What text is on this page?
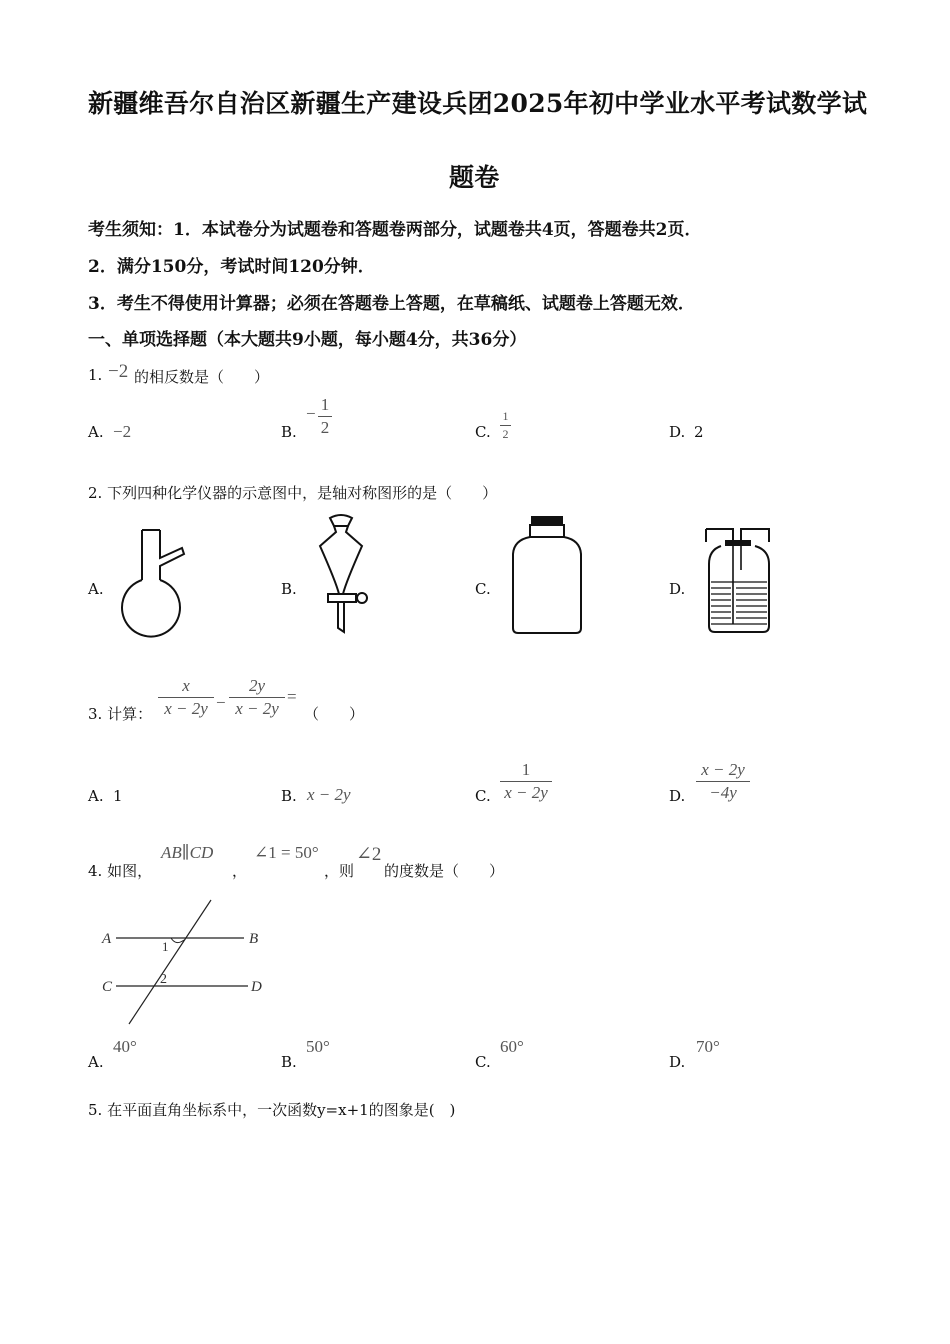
新疆维吾尔自治区新疆生产建设兵团2025年初中学业水平考试数学试
题卷
考生须知：1．本试卷分为试题卷和答题卷两部分，试题卷共4页，答题卷共2页．
2．满分150分，考试时间120分钟．
3．考生不得使用计算器；必须在答题卷上答题，在草稿纸、试题卷上答题无效．
一、单项选择题（本大题共9小题，每小题4分，共36分）
1. −2 的相反数是（　　）
A. −2	B.
− 1
2	C.
1
2	D. 2
2. 下列四种化学仪器的示意图中，是轴对称图形的是（　　）
A.	B.	C.	D.
3. 计算：
x
x − 2y −
2y
x − 2y
=
（　　）
A. 1	B. x − 2y	C.
1
x − 2y	D.
x − 2y
−4y
4. 如图，
AB∥CD
，
∠1 = 50°
，则
∠2
的度数是（　　）
A	B
C	D
1
2
A.
40°
B.
50°
C.
60°
D.
70°
5. 在平面直角坐标系中，一次函数y=x+1的图象是(　)
